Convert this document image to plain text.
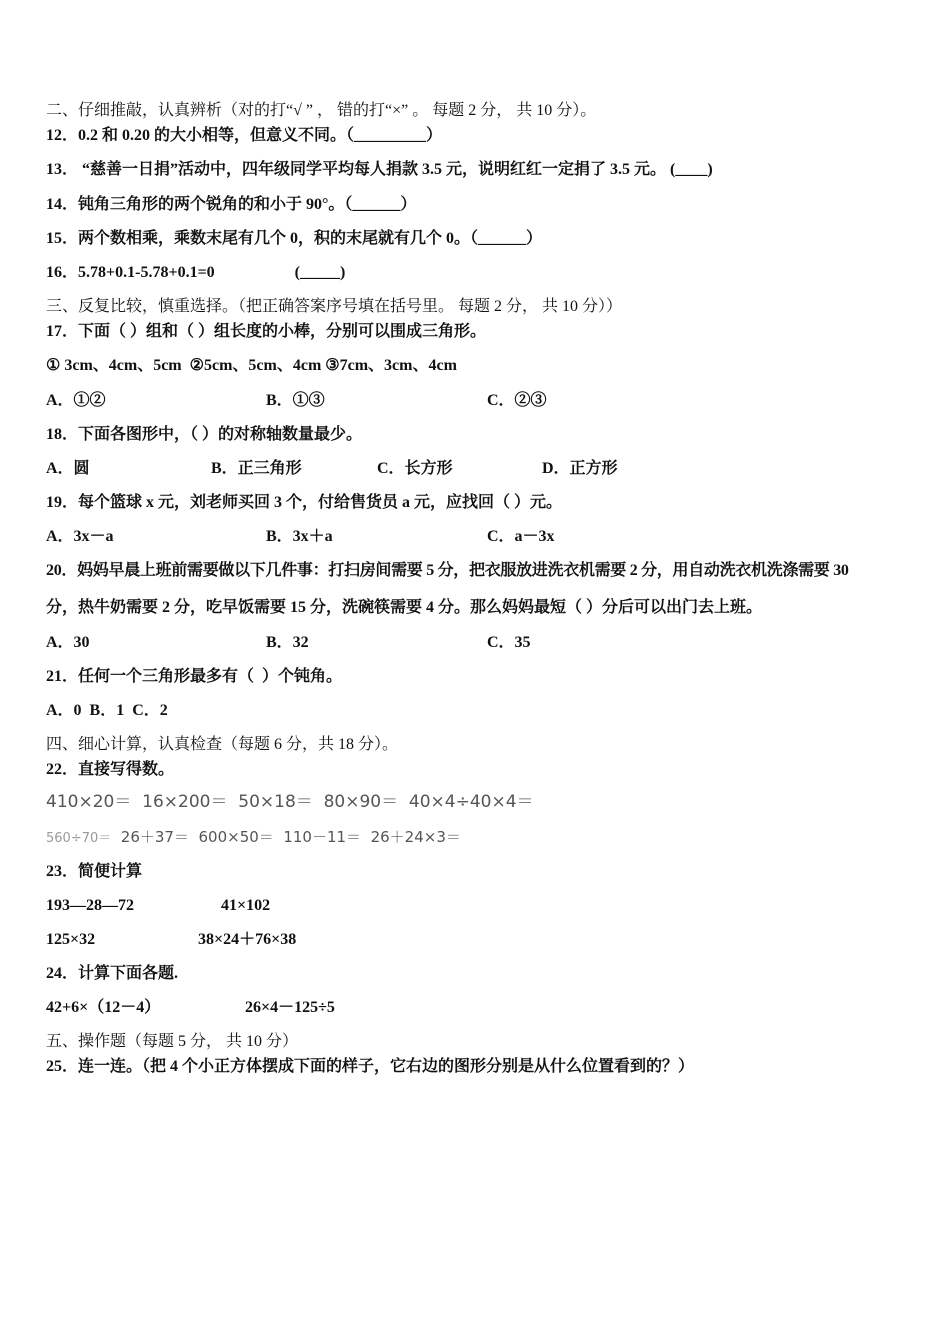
二、仔细推敲，认真辨析（对的打“√ ” ， 错的打“×” 。 每题 2 分， 共 10 分）。
12．0.2 和 0.20 的大小相等，但意义不同。（_________）
13． “慈善一日捐”活动中，四年级同学平均每人捐款 3.5 元，说明红红一定捐了 3.5 元。 (____)
14．钝角三角形的两个锐角的和小于 90°。（______）
15．两个数相乘，乘数末尾有几个 0，积的末尾就有几个 0。（______）
16．5.78+0.1-5.78+0.1=0                    (_____)
三、反复比较，慎重选择。（把正确答案序号填在括号里。 每题 2 分， 共 10 分））
17．下面（ ）组和（ ）组长度的小棒，分别可以围成三角形。
① 3cm、4cm、5cm  ②5cm、5cm、4cm ③7cm、3cm、4cm
A．①②	B．①③	C．②③
18．下面各图形中，（ ）的对称轴数量最少。
A．圆	B．正三角形	C．长方形	D．正方形
19．每个篮球 x 元，刘老师买回 3 个，付给售货员 a 元，应找回（ ）元。
A．3x－a	B．3x＋a	C．a－3x
20．妈妈早晨上班前需要做以下几件事：打扫房间需要 5 分，把衣服放进洗衣机需要 2 分，用自动洗衣机洗涤需要 30
分，热牛奶需要 2 分，吃早饭需要 15 分，洗碗筷需要 4 分。那么妈妈最短（ ）分后可以出门去上班。
A．30	B．32	C．35
21．任何一个三角形最多有（  ）个钝角。
A．0  B．1  C．2
四、细心计算，认真检查（每题 6 分，共 18 分）。
22．直接写得数。
410×20＝  16×200＝  50×18＝  80×90＝  40×4÷40×4＝
560÷70＝  26＋37＝  600×50＝  110－11＝  26＋24×3＝
23．简便计算
193—28—72	41×102
125×32	38×24＋76×38
24．计算下面各题.
42+6×（12－4）	26×4－125÷5
五、操作题（每题 5 分， 共 10 分）
25．连一连。（把 4 个小正方体摆成下面的样子，它右边的图形分别是从什么位置看到的？）
